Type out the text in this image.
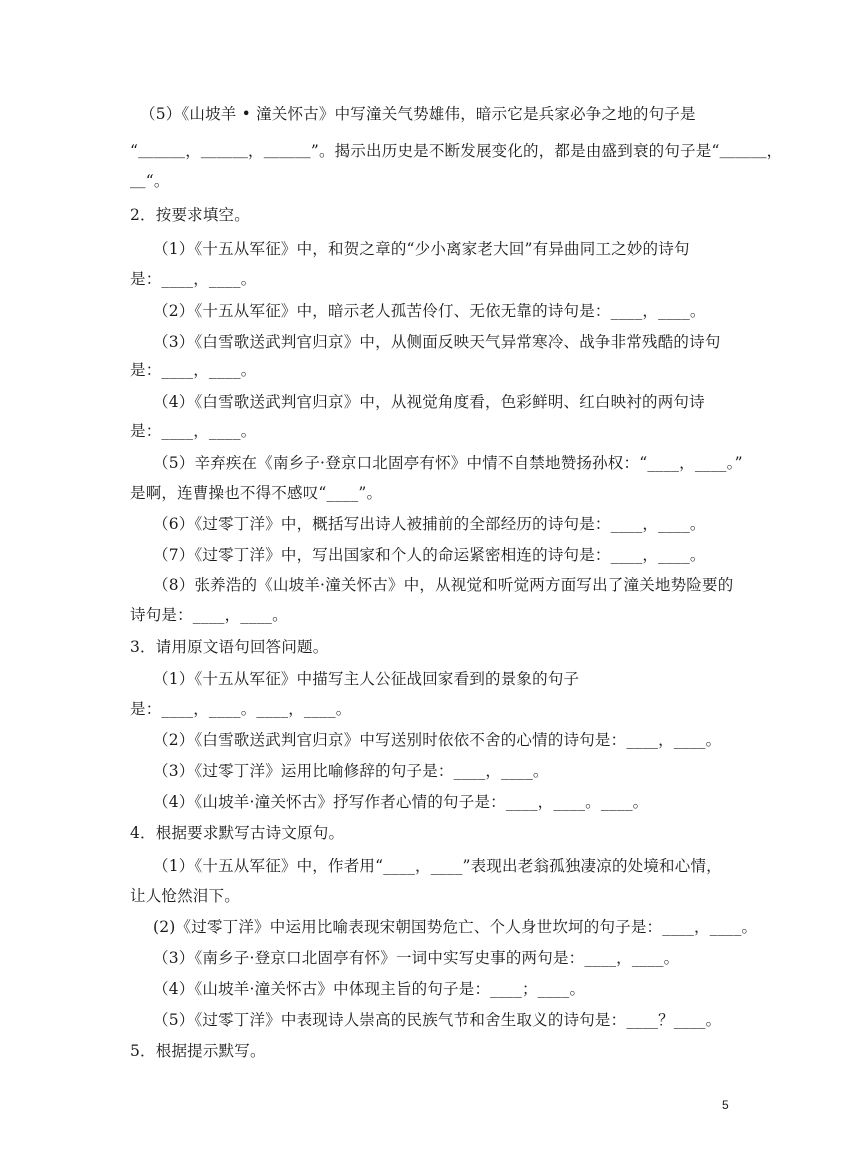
（5）《山坡羊 • 潼关怀古》中写潼关气势雄伟，暗示它是兵家必争之地的句子是
“＿＿＿，＿＿＿，＿＿＿”。揭示出历史是不断发展变化的，都是由盛到衰的句子是“＿＿＿，
＿“。
2．按要求填空。
（1）《十五从军征》中，和贺之章的“少小离家老大回”有异曲同工之妙的诗句
是：____，____。
（2）《十五从军征》中，暗示老人孤苦伶仃、无依无靠的诗句是：____，____。
（3）《白雪歌送武判官归京》中，从侧面反映天气异常寒冷、战争非常残酷的诗句
是：____，____。
（4）《白雪歌送武判官归京》中，从视觉角度看，色彩鲜明、红白映衬的两句诗
是：____，____。
（5）辛弃疾在《南乡子·登京口北固亭有怀》中情不自禁地赞扬孙权：“____，____。”
是啊，连曹操也不得不感叹“____”。
（6）《过零丁洋》中，概括写出诗人被捕前的全部经历的诗句是：____，____。
（7）《过零丁洋》中，写出国家和个人的命运紧密相连的诗句是：____，____。
（8）张养浩的《山坡羊·潼关怀古》中，从视觉和听觉两方面写出了潼关地势险要的
诗句是：____，____。
3．请用原文语句回答问题。
（1）《十五从军征》中描写主人公征战回家看到的景象的句子
是：____，____。____，____。
（2）《白雪歌送武判官归京》中写送别时依依不舍的心情的诗句是：____，____。
（3）《过零丁洋》运用比喻修辞的句子是：____，____。
（4）《山坡羊·潼关怀古》抒写作者心情的句子是：____，____。____。
4．根据要求默写古诗文原句。
（1）《十五从军征》中，作者用“____，____”表现出老翁孤独凄凉的处境和心情，
让人怆然泪下。
(2)《过零丁洋》中运用比喻表现宋朝国势危亡、个人身世坎坷的句子是：____，____。
（3）《南乡子·登京口北固亭有怀》一词中实写史事的两句是：____，____。
（4）《山坡羊·潼关怀古》中体现主旨的句子是：____；____。
（5）《过零丁洋》中表现诗人崇高的民族气节和舍生取义的诗句是：____？____。
5．根据提示默写。
5
